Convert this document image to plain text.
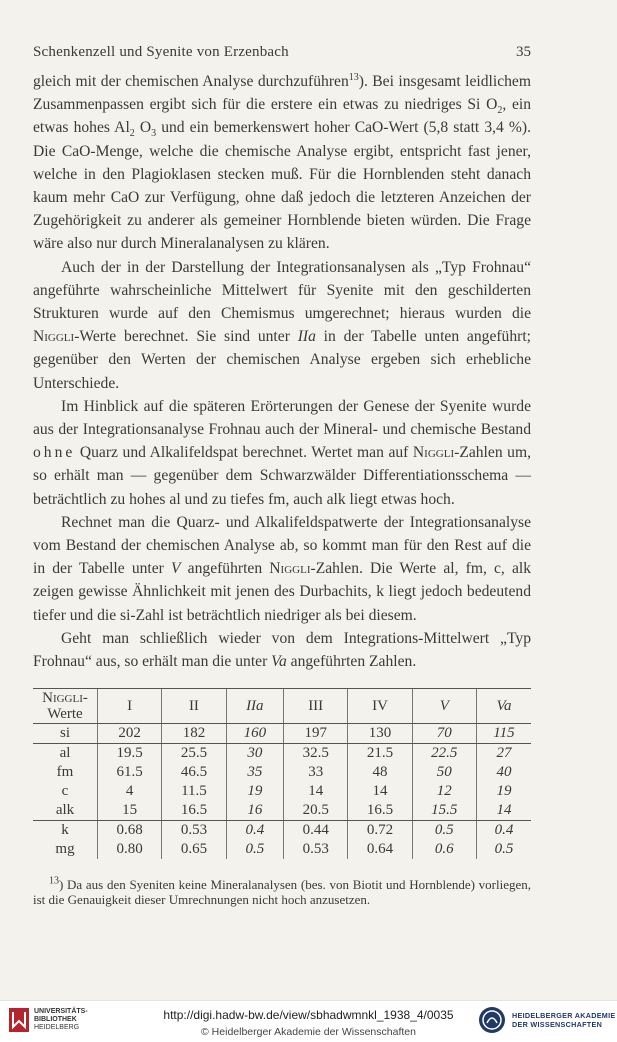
Schenkenzell und Syenite von Erzenbach	35

gleich mit der chemischen Analyse durchzuführen$^{13}$). Bei insgesamt leidlichem Zusammenpassen ergibt sich für die erstere ein etwas zu niedriges Si $O_2$, ein etwas hohes $Al_2$ $O_3$ und ein bemerkenswert hoher CaO-Wert (5,8 statt 3,4 %). Die CaO-Menge, welche die chemische Analyse ergibt, entspricht fast jener, welche in den Plagioklasen stecken muß. Für die Hornblenden steht danach kaum mehr CaO zur Verfügung, ohne daß jedoch die letzteren Anzeichen der Zugehörigkeit zu anderer als gemeiner Hornblende bieten würden. Die Frage wäre also nur durch Mineralanalysen zu klären.

Auch der in der Darstellung der Integrationsanalysen als „Typ Frohnau“ angeführte wahrscheinliche Mittelwert für Syenite mit den geschilderten Strukturen wurde auf den Chemismus umgerechnet; hieraus wurden die Niggli-Werte berechnet. Sie sind unter IIa in der Tabelle unten angeführt; gegenüber den Werten der chemischen Analyse ergeben sich erhebliche Unterschiede.

Im Hinblick auf die späteren Erörterungen der Genese der Syenite wurde aus der Integrationsanalyse Frohnau auch der Mineral- und chemische Bestand ohne Quarz und Alkalifeldspat berechnet. Wertet man auf Niggli-Zahlen um, so erhält man — gegenüber dem Schwarzwälder Differentiationsschema — beträchtlich zu hohes al und zu tiefes fm, auch alk liegt etwas hoch.

Rechnet man die Quarz- und Alkalifeldspatwerte der Integrationsanalyse vom Bestand der chemischen Analyse ab, so kommt man für den Rest auf die in der Tabelle unter V angeführten Niggli-Zahlen. Die Werte al, fm, c, alk zeigen gewisse Ähnlichkeit mit jenen des Durbachits, k liegt jedoch bedeutend tiefer und die si-Zahl ist beträchtlich niedriger als bei diesem.

Geht man schließlich wieder von dem Integrations-Mittelwert „Typ Frohnau“ aus, so erhält man die unter Va angeführten Zahlen.

Niggli-
Werte	I	II	IIa	III	IV	V	Va
si	202	182	160	197	130	70	115
al	19.5	25.5	30	32.5	21.5	22.5	27
fm	61.5	46.5	35	33	48	50	40
c	4	11.5	19	14	14	12	19
alk	15	16.5	16	20.5	16.5	15.5	14
k	0.68	0.53	0.4	0.44	0.72	0.5	0.4
mg	0.80	0.65	0.5	0.53	0.64	0.6	0.5

$^{13}$) Da aus den Syeniten keine Mineralanalysen (bes. von Biotit und Hornblende) vorliegen, ist die Genauigkeit dieser Umrechnungen nicht hoch anzusetzen.

UNIVERSITÄTS-
BIBLIOTHEK
HEIDELBERG
http://digi.hadw-bw.de/view/sbhadwmnkl_1938_4/0035
© Heidelberger Akademie der Wissenschaften
HEIDELBERGER AKADEMIE
DER WISSENSCHAFTEN
